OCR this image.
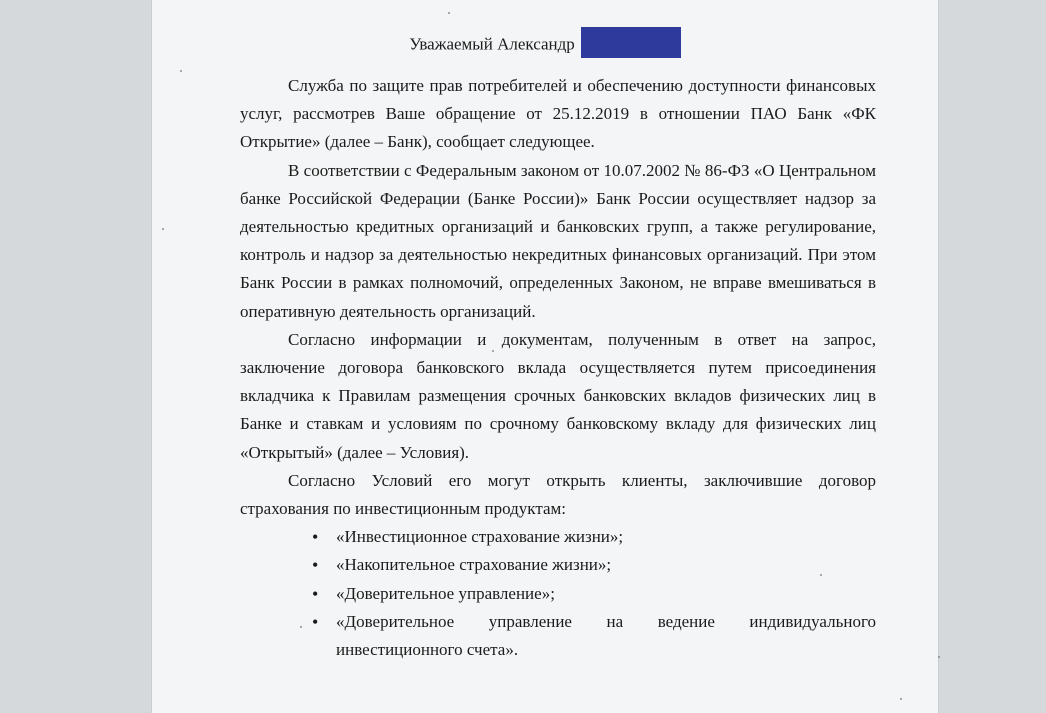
Уважаемый Александр

Служба по защите прав потребителей и обеспечению доступности финансовых услуг, рассмотрев Ваше обращение от 25.12.2019 в отношении ПАО Банк «ФК Открытие» (далее – Банк), сообщает следующее.

В соответствии с Федеральным законом от 10.07.2002 № 86-ФЗ «О Центральном банке Российской Федерации (Банке России)» Банк России осуществляет надзор за деятельностью кредитных организаций и банковских групп, а также регулирование, контроль и надзор за деятельностью некредитных финансовых организаций. При этом Банк России в рамках полномочий, определенных Законом, не вправе вмешиваться в оперативную деятельность организаций.

Согласно информации и документам, полученным в ответ на запрос, заключение договора банковского вклада осуществляется путем присоединения вкладчика к Правилам размещения срочных банковских вкладов физических лиц в Банке и ставкам и условиям по срочному банковскому вкладу для физических лиц «Открытый» (далее – Условия).

Согласно Условий его могут открыть клиенты, заключившие договор страхования по инвестиционным продуктам:

• «Инвестиционное страхование жизни»;
• «Накопительное страхование жизни»;
• «Доверительное управление»;
• «Доверительное управление на ведение индивидуального инвестиционного счета».
